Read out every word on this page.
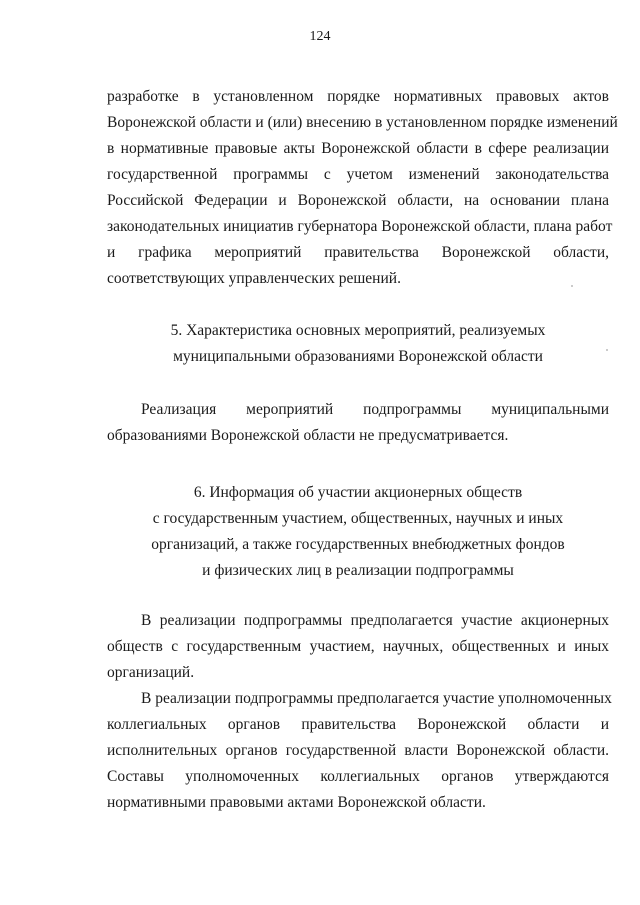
124
разработке в установленном порядке нормативных правовых актов
Воронежской области и (или) внесению в установленном порядке изменений
в нормативные правовые акты Воронежской области в сфере реализации
государственной программы с учетом изменений законодательства
Российской Федерации и Воронежской области, на основании плана
законодательных инициатив губернатора Воронежской области, плана работ
и графика мероприятий правительства Воронежской области,
соответствующих управленческих решений.
5. Характеристика основных мероприятий, реализуемых
муниципальными образованиями Воронежской области
Реализация мероприятий подпрограммы муниципальными
образованиями Воронежской области не предусматривается.
6. Информация об участии акционерных обществ
с государственным участием, общественных, научных и иных
организаций, а также государственных внебюджетных фондов
и физических лиц в реализации подпрограммы
В реализации подпрограммы предполагается участие акционерных
обществ с государственным участием, научных, общественных и иных
организаций.
В реализации подпрограммы предполагается участие уполномоченных
коллегиальных органов правительства Воронежской области и
исполнительных органов государственной власти Воронежской области.
Составы уполномоченных коллегиальных органов утверждаются
нормативными правовыми актами Воронежской области.
